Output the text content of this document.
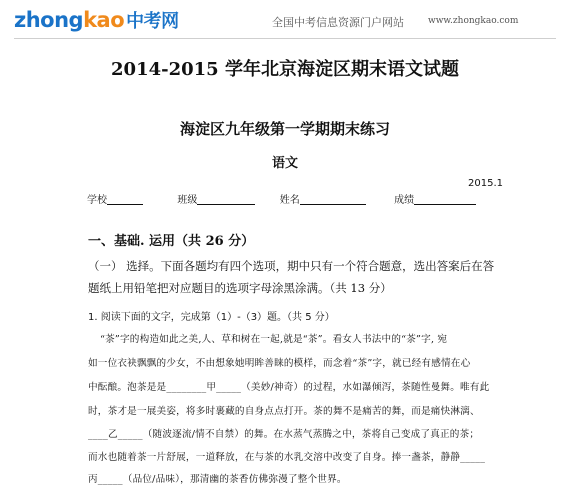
zhongkao 中考网	全国中考信息资源门户网站	www.zhongkao.com
2014-2015 学年北京海淀区期末语文试题
海淀区九年级第一学期期末练习
语文
2015.1
学校	班级	姓名	成绩
一、基础. 运用（共 26 分）
（一） 选择。下面各题均有四个选项，期中只有一个符合题意，选出答案后在答
题纸上用铅笔把对应题目的选项字母涂黑涂满。（共 13 分）
1. 阅读下面的文字，完成第（1）-（3）题。（共 5 分）
“茶”字的构造如此之美,人、草和树在一起,就是“茶”。看女人书法中的“茶”字, 宛
如一位衣袂飘飘的少女，不由想象她明眸善睐的模样，而念着“茶”字，就已经有感情在心
中酝酿。泡茶是是________甲_____（美妙/神奇）的过程，水如瀑倾泻，茶随性曼舞。唯有此
时，茶才是一展美姿，将多时裹藏的自身点点打开。茶的舞不是痛苦的舞，而是痛快淋漓、
____乙_____（随波逐流/情不自禁）的舞。在水蒸气蒸腾之中，茶将自己变成了真正的茶；
而水也随着茶一片舒展，一道释放，在与茶的水乳交溶中改变了自身。捧一盏茶，静静_____
丙_____（品位/品味），那清幽的茶香仿佛弥漫了整个世界。
